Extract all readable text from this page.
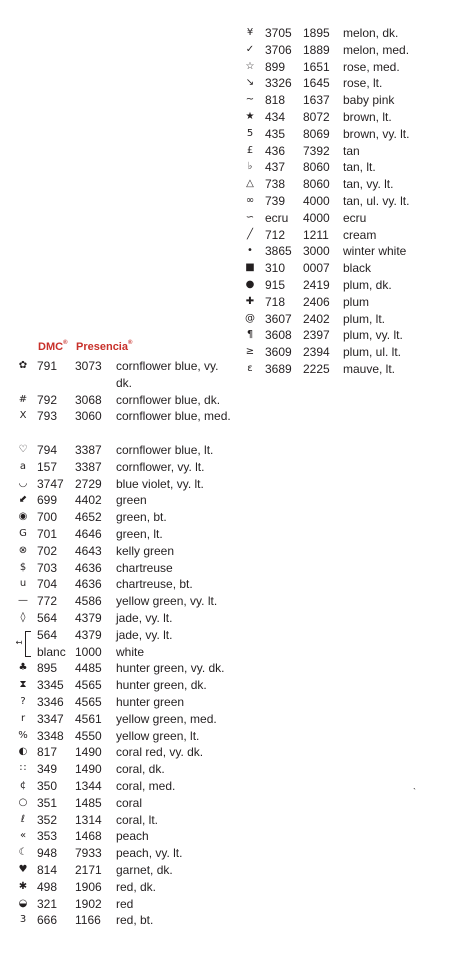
¥ 3705 1895 melon, dk.
✓ 3706 1889 melon, med.
☆ 899 1651 rose, med.
↘ 3326 1645 rose, lt.
~ 818 1637 baby pink
★ 434 8072 brown, lt.
5 435 8069 brown, vy. lt.
£ 436 7392 tan
♭	437 8060 tan, lt.
△ 738 8060 tan, vy. lt.
∞ 739 4000 tan, ul. vy. lt.
∽ ecru 4000 ecru
╱ 712 1211 cream
•	3865 3000 winter white
■ 310 0007 black
● 915 2419 plum, dk.
✚ 718 2406 plum
@ 3607 2402 plum, lt.
¶ 3608 2397 plum, vy. lt.
≥ 3609 2394 plum, ul. lt.
ε	3689 2225 mauve, lt.
DMC® Presencia®
✿ 791 3073 cornflower blue, vy. dk.
# 792 3068 cornflower blue, dk.
X 793 3060 cornflower blue, med.
♡ 794 3387 cornflower blue, lt.
a 157 3387 cornflower, vy. lt.
◡ 3747 2729 blue violet, vy. lt.
⬋ 699 4402 green
◉ 700 4652 green, bt.
G 701 4646 green, lt.
⊗ 702 4643 kelly green
$ 703 4636 chartreuse
u 704 4636 chartreuse, bt.
— 772 4586 yellow green, vy. lt.
◊ 564 4379 jade, vy. lt.
↤
564 4379 jade, vy. lt.
blanc 1000 white
♣ 895 4485 hunter green, vy. dk.
⧗ 3345 4565 hunter green, dk.
? 3346 4565 hunter green
r 3347 4561 yellow green, med.
% 3348 4550 yellow green, lt.
◐ 817 1490 coral red, vy. dk.
∷ 349 1490 coral, dk.
¢ 350 1344 coral, med.
○ 351 1485 coral
ℓ 352 1314 coral, lt.
« 353 1468 peach
☾ 948 7933 peach, vy. lt.
♥ 814 2171 garnet, dk.
✱ 498 1906 red, dk.
◒ 321 1902 red
3 666 1166 red, bt.
`
